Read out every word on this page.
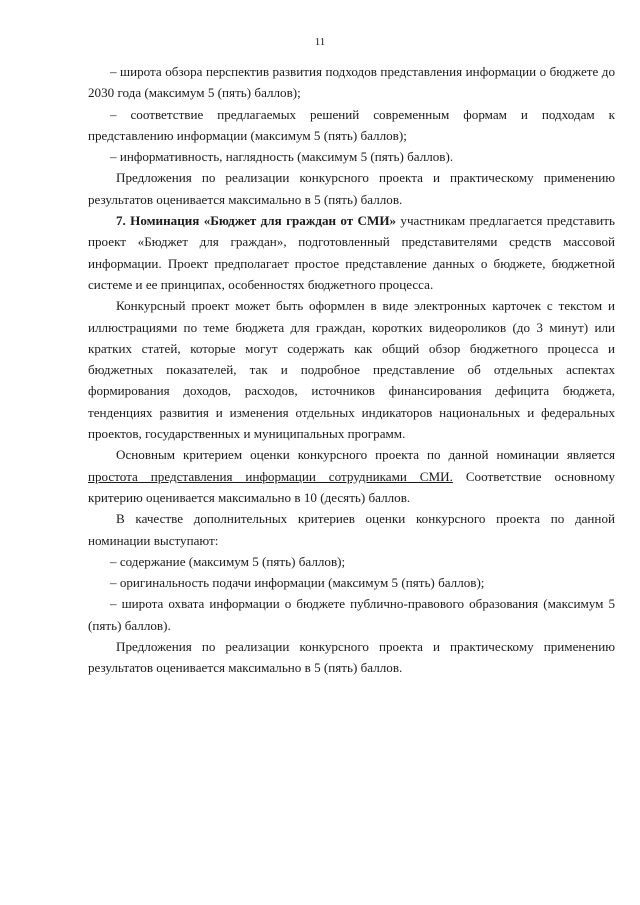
11

– широта обзора перспектив развития подходов представления информации о бюджете до 2030 года (максимум 5 (пять) баллов);

– соответствие предлагаемых решений современным формам и подходам к представлению информации (максимум 5 (пять) баллов);

– информативность, наглядность (максимум 5 (пять) баллов).

Предложения по реализации конкурсного проекта и практическому применению результатов оценивается максимально в 5 (пять) баллов.

7. Номинация «Бюджет для граждан от СМИ» участникам предлагается представить проект «Бюджет для граждан», подготовленный представителями средств массовой информации. Проект предполагает простое представление данных о бюджете, бюджетной системе и ее принципах, особенностях бюджетного процесса.

Конкурсный проект может быть оформлен в виде электронных карточек с текстом и иллюстрациями по теме бюджета для граждан, коротких видеороликов (до 3 минут) или кратких статей, которые могут содержать как общий обзор бюджетного процесса и бюджетных показателей, так и подробное представление об отдельных аспектах формирования доходов, расходов, источников финансирования дефицита бюджета, тенденциях развития и изменения отдельных индикаторов национальных и федеральных проектов, государственных и муниципальных программ.

Основным критерием оценки конкурсного проекта по данной номинации является простота представления информации сотрудниками СМИ. Соответствие основному критерию оценивается максимально в 10 (десять) баллов.

В качестве дополнительных критериев оценки конкурсного проекта по данной номинации выступают:

– содержание (максимум 5 (пять) баллов);

– оригинальность подачи информации (максимум 5 (пять) баллов);

– широта охвата информации о бюджете публично-правового образования (максимум 5 (пять) баллов).

Предложения по реализации конкурсного проекта и практическому применению результатов оценивается максимально в 5 (пять) баллов.
